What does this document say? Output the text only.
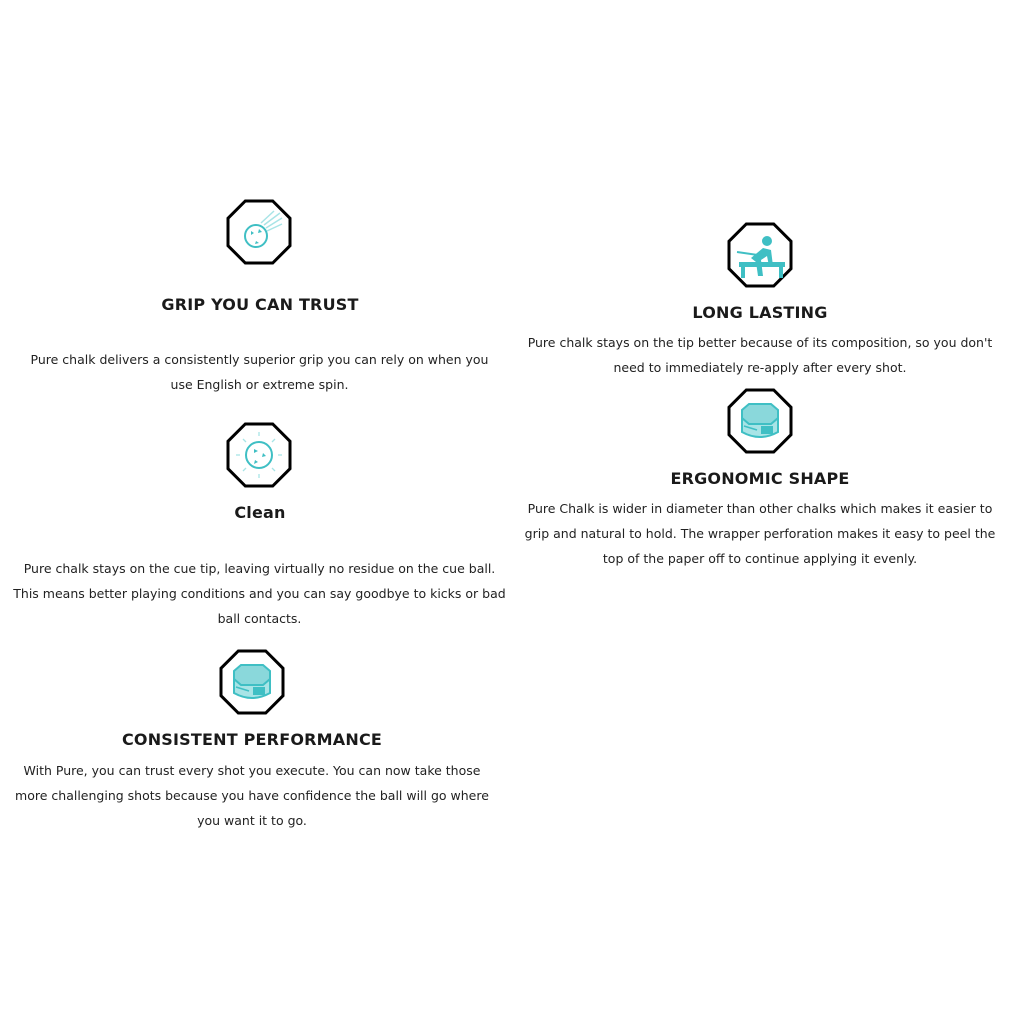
GRIP YOU CAN TRUST
Pure chalk delivers a consistently superior grip you can rely on when you use English or extreme spin.
Clean
Pure chalk stays on the cue tip, leaving virtually no residue on the cue ball. This means better playing conditions and you can say goodbye to kicks or bad ball contacts.
CONSISTENT PERFORMANCE
With Pure, you can trust every shot you execute. You can now take those more challenging shots because you have confidence the ball will go where you want it to go.
LONG LASTING
Pure chalk stays on the tip better because of its composition, so you don't need to immediately re-apply after every shot.
ERGONOMIC SHAPE
Pure Chalk is wider in diameter than other chalks which makes it easier to grip and natural to hold. The wrapper perforation makes it easy to peel the top of the paper off to continue applying it evenly.
